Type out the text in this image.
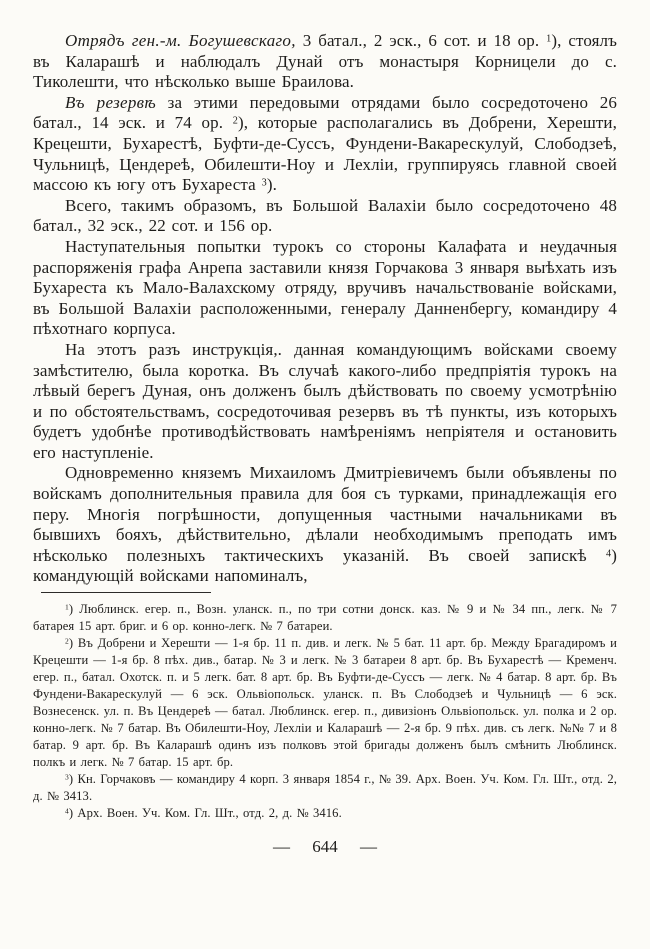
Отрядъ ген.-м. Богушевскаго, 3 батал., 2 эск., 6 сот. и 18 ор. $^1$), стоялъ въ Каларашѣ и наблюдалъ Дунай отъ монастыря Корницели до с. Тиколешти, что нѣсколько выше Браилова.

Въ резервѣ за этими передовыми отрядами было сосредоточено 26 батал., 14 эск. и 74 ор. $^2$), которые располагались въ Добрени, Херешти, Крецешти, Бухарестѣ, Буфти-де-Суссъ, Фундени-Вакарескулуй, Слободзеѣ, Чульницѣ, Цендереѣ, Обилешти-Ноу и Лехліи, группируясь главной своей массою къ югу отъ Бухареста $^3$).

Всего, такимъ образомъ, въ Большой Валахіи было сосредоточено 48 батал., 32 эск., 22 сот. и 156 ор.

Наступательныя попытки турокъ со стороны Калафата и неудачныя распоряженія графа Анрепа заставили князя Горчакова 3 января выѣхать изъ Бухареста къ Мало-Валахскому отряду, вручивъ начальствованіе войсками, въ Большой Валахіи расположенными, генералу Данненбергу, командиру 4 пѣхотнаго корпуса.

На этотъ разъ инструкція,. данная командующимъ войсками своему замѣстителю, была коротка. Въ случаѣ какого-либо предпріятія турокъ на лѣвый берегъ Дуная, онъ долженъ былъ дѣйствовать по своему усмотрѣнію и по обстоятельствамъ, сосредоточивая резервъ въ тѣ пункты, изъ которыхъ будетъ удобнѣе противодѣйствовать намѣреніямъ непріятеля и остановить его наступленіе.

Одновременно княземъ Михаиломъ Дмитріевичемъ были объявлены по войскамъ дополнительныя правила для боя съ турками, принадлежащія его перу. Многія погрѣшности, допущенныя частными начальниками въ бывшихъ бояхъ, дѣйствительно, дѣлали необходимымъ преподать имъ нѣсколько полезныхъ тактическихъ указаній. Въ своей запискѣ $^4$) командующій войсками напоминалъ,

$^1$) Люблинск. егер. п., Возн. уланск. п., по три сотни донск. каз. № 9 и № 34 пп., легк. № 7 батарея 15 арт. бриг. и 6 ор. конно-легк. № 7 батареи.

$^2$) Въ Добрени и Херешти — 1-я бр. 11 п. див. и легк. № 5 бат. 11 арт. бр. Между Брагадиромъ и Крецешти — 1-я бр. 8 пѣх. див., батар. № 3 и легк. № 3 батареи 8 арт. бр. Въ Бухарестѣ — Кременч. егер. п., батал. Охотск. п. и 5 легк. бат. 8 арт. бр. Въ Буфти-де-Суссъ — легк. № 4 батар. 8 арт. бр. Въ Фундени-Вакарескулуй — 6 эск. Ольвіопольск. уланск. п. Въ Слободзеѣ и Чульницѣ — 6 эск. Вознесенск. ул. п. Въ Цендереѣ — батал. Люблинск. егер. п., дивизіонъ Ольвіопольск. ул. полка и 2 ор. конно-легк. № 7 батар. Въ Обилешти-Ноу, Лехліи и Каларашѣ — 2-я бр. 9 пѣх. див. съ легк. №№ 7 и 8 батар. 9 арт. бр. Въ Каларашѣ одинъ изъ полковъ этой бригады долженъ былъ смѣнить Люблинск. полкъ и легк. № 7 батар. 15 арт. бр.

$^3$) Кн. Горчаковъ — командиру 4 корп. 3 января 1854 г., № 39. Арх. Воен. Уч. Ком. Гл. Шт., отд. 2, д. № 3413.

$^4$) Арх. Воен. Уч. Ком. Гл. Шт., отд. 2, д. № 3416.

— 644 —
